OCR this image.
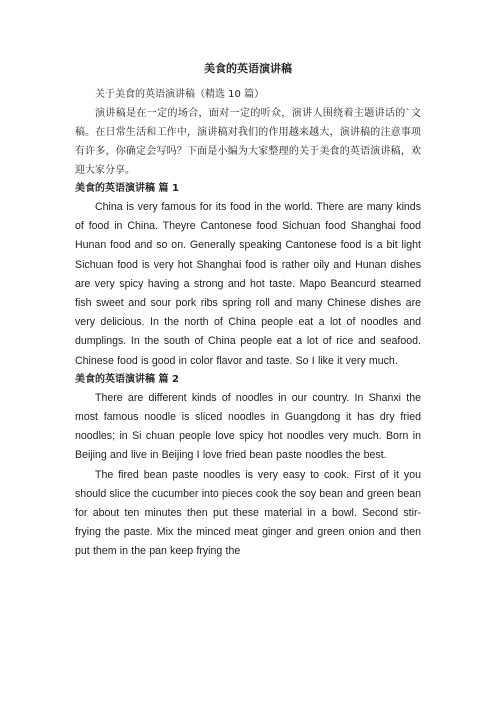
美食的英语演讲稿

关于美食的英语演讲稿（精选 10 篇）

演讲稿是在一定的场合，面对一定的听众，演讲人围绕着主题讲话的`文稿。在日常生活和工作中，演讲稿对我们的作用越来越大，演讲稿的注意事项有许多，你确定会写吗？下面是小编为大家整理的关于美食的英语演讲稿，欢迎大家分享。

美食的英语演讲稿 篇 1

China is very famous for its food in the world. There are many kinds of food in China. Theyre Cantonese food Sichuan food Shanghai food Hunan food and so on. Generally speaking Cantonese food is a bit light Sichuan food is very hot Shanghai food is rather oily and Hunan dishes are very spicy having a strong and hot taste. Mapo Beancurd steamed fish sweet and sour pork ribs spring roll and many Chinese dishes are very delicious. In the north of China people eat a lot of noodles and dumplings. In the south of China people eat a lot of rice and seafood. Chinese food is good in color flavor and taste. So I like it very much.

美食的英语演讲稿 篇 2

There are different kinds of noodles in our country. In Shanxi the most famous noodle is sliced noodles in Guangdong it has dry fried noodles; in Si chuan people love spicy hot noodles very much. Born in Beijing and live in Beijing I love fried bean paste noodles the best.

The fired bean paste noodles is very easy to cook. First of it you should slice the cucumber into pieces cook the soy bean and green bean for about ten minutes then put these material in a bowl. Second stir-frying the paste. Mix the minced meat ginger and green onion and then put them in the pan keep frying the
